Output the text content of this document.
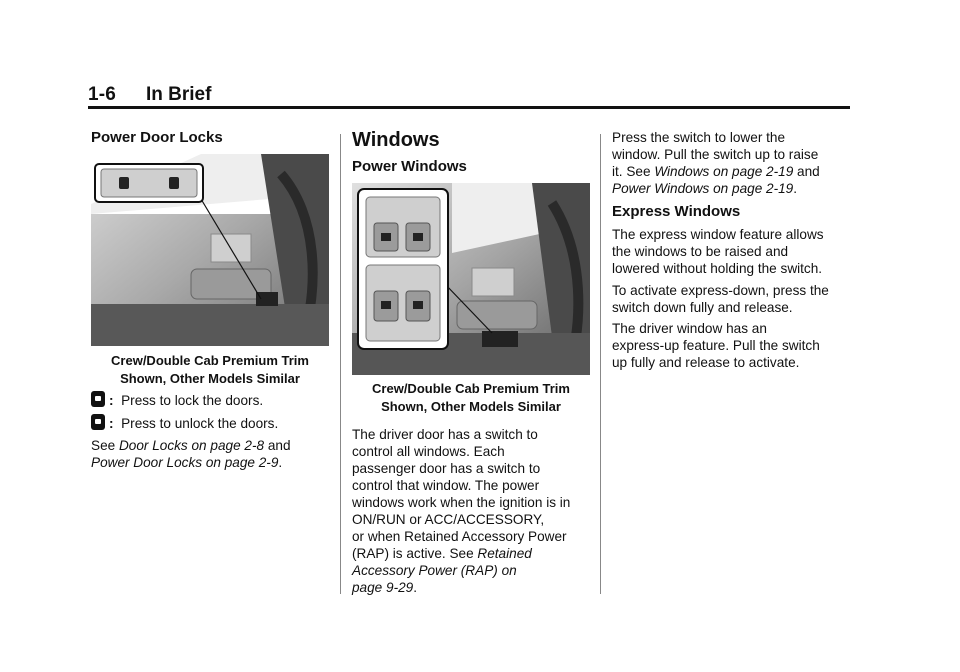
1-6 In Brief
Power Door Locks
Crew/Double Cab Premium Trim
Shown, Other Models Similar
: Press to lock the doors.
: Press to unlock the doors.
See Door Locks on page 2-8 and
Power Door Locks on page 2-9.
Windows
Power Windows
Crew/Double Cab Premium Trim
Shown, Other Models Similar
The driver door has a switch to
control all windows. Each
passenger door has a switch to
control that window. The power
windows work when the ignition is in
ON/RUN or ACC/ACCESSORY,
or when Retained Accessory Power
(RAP) is active. See Retained
Accessory Power (RAP) on
page 9-29.
Press the switch to lower the
window. Pull the switch up to raise
it. See Windows on page 2-19 and
Power Windows on page 2-19.
Express Windows
The express window feature allows
the windows to be raised and
lowered without holding the switch.
To activate express-down, press the
switch down fully and release.
The driver window has an
express-up feature. Pull the switch
up fully and release to activate.
